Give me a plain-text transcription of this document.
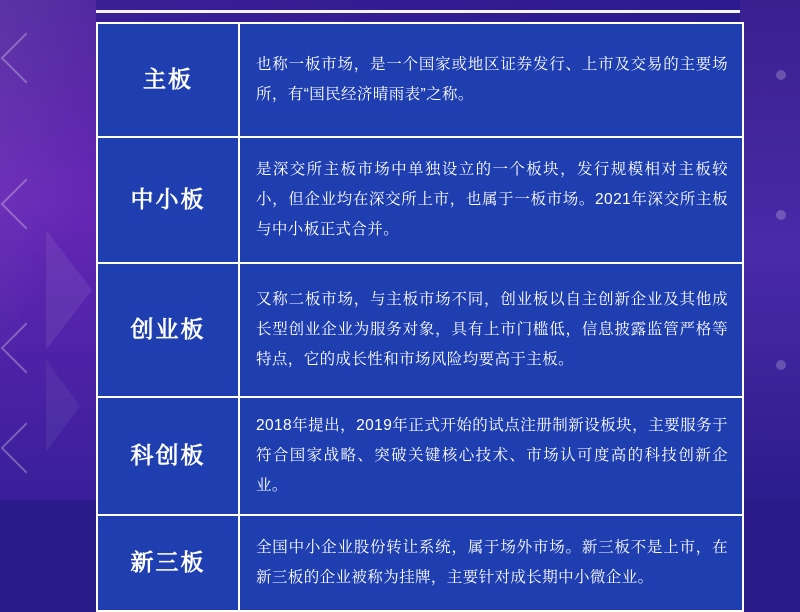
主板	也称一板市场，是一个国家或地区证券发行、上市及交易的主要场所，有“国民经济晴雨表”之称。
中小板	是深交所主板市场中单独设立的一个板块，发行规模相对主板较小，但企业均在深交所上市，也属于一板市场。2021年深交所主板与中小板正式合并。
创业板	又称二板市场，与主板市场不同，创业板以自主创新企业及其他成长型创业企业为服务对象，具有上市门槛低，信息披露监管严格等特点，它的成长性和市场风险均要高于主板。
科创板	2018年提出，2019年正式开始的试点注册制新设板块，主要服务于符合国家战略、突破关键核心技术、市场认可度高的科技创新企业。
新三板	全国中小企业股份转让系统，属于场外市场。新三板不是上市，在新三板的企业被称为挂牌，主要针对成长期中小微企业。
